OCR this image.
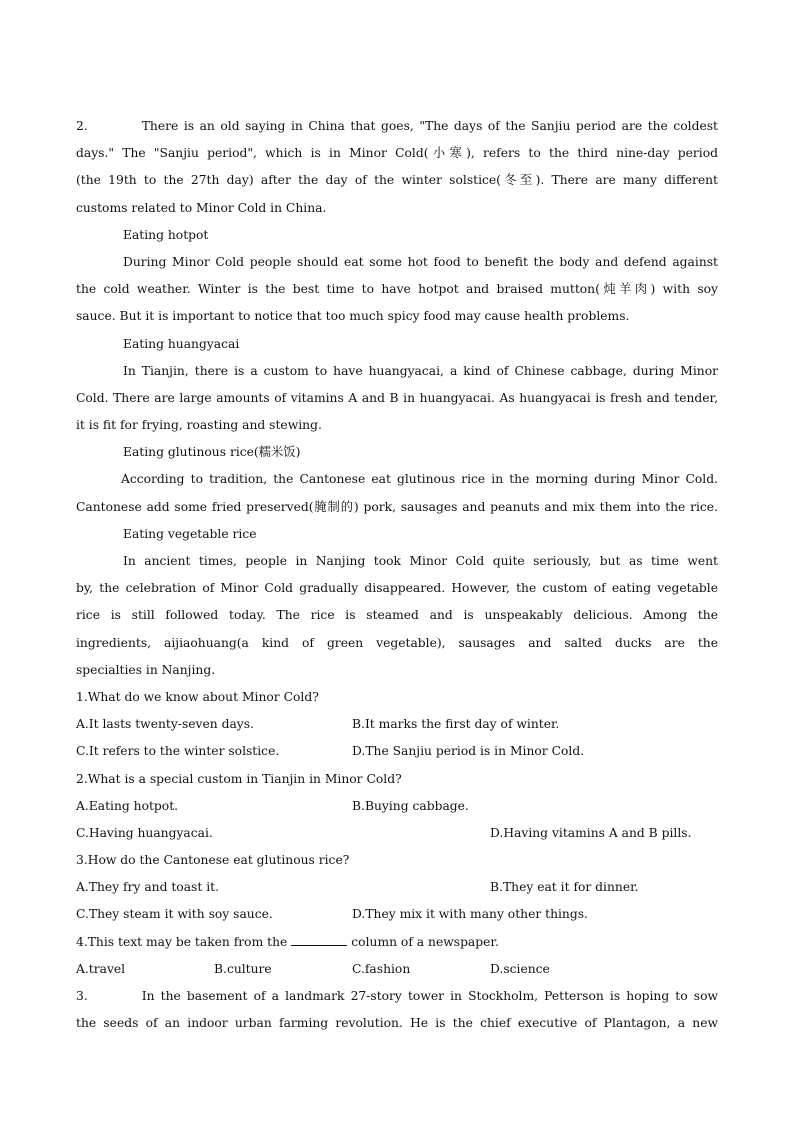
2.	There is an old saying in China that goes, "The days of the Sanjiu period are the coldest
days." The "Sanjiu period", which is in Minor Cold(小寒), refers to the third nine-day period
(the 19th to the 27th day) after the day of the winter solstice(冬至). There are many different
customs related to Minor Cold in China.
Eating hotpot
During Minor Cold people should eat some hot food to benefit the body and defend against
the cold weather. Winter is the best time to have hotpot and braised mutton(炖羊肉) with soy
sauce. But it is important to notice that too much spicy food may cause health problems.
Eating huangyacai
In Tianjin, there is a custom to have huangyacai, a kind of Chinese cabbage, during Minor
Cold. There are large amounts of vitamins A and B in huangyacai. As huangyacai is fresh and tender,
it is fit for frying, roasting and stewing.
Eating glutinous rice(糯米饭)
According to tradition, the Cantonese eat glutinous rice in the morning during Minor Cold.
Cantonese add some fried preserved(腌制的) pork, sausages and peanuts and mix them into the rice.
Eating vegetable rice
In ancient times, people in Nanjing took Minor Cold quite seriously, but as time went
by, the celebration of Minor Cold gradually disappeared. However, the custom of eating vegetable
rice is still followed today. The rice is steamed and is unspeakably delicious. Among the
ingredients, aijiaohuang(a kind of green vegetable), sausages and salted ducks are the
specialties in Nanjing.
1.What do we know about Minor Cold?
A.It lasts twenty-seven days.	B.It marks the first day of winter.
C.It refers to the winter solstice.	D.The Sanjiu period is in Minor Cold.
2.What is a special custom in Tianjin in Minor Cold?
A.Eating hotpot.	B.Buying cabbage.
C.Having huangyacai.	D.Having vitamins A and B pills.
3.How do the Cantonese eat glutinous rice?
A.They fry and toast it.	B.They eat it for dinner.
C.They steam it with soy sauce.	D.They mix it with many other things.
4.This text may be taken from the	column of a newspaper.
A.travel	B.culture	C.fashion	D.science
3.	In the basement of a landmark 27-story tower in Stockholm, Petterson is hoping to sow
the seeds of an indoor urban farming revolution. He is the chief executive of Plantagon, a new
